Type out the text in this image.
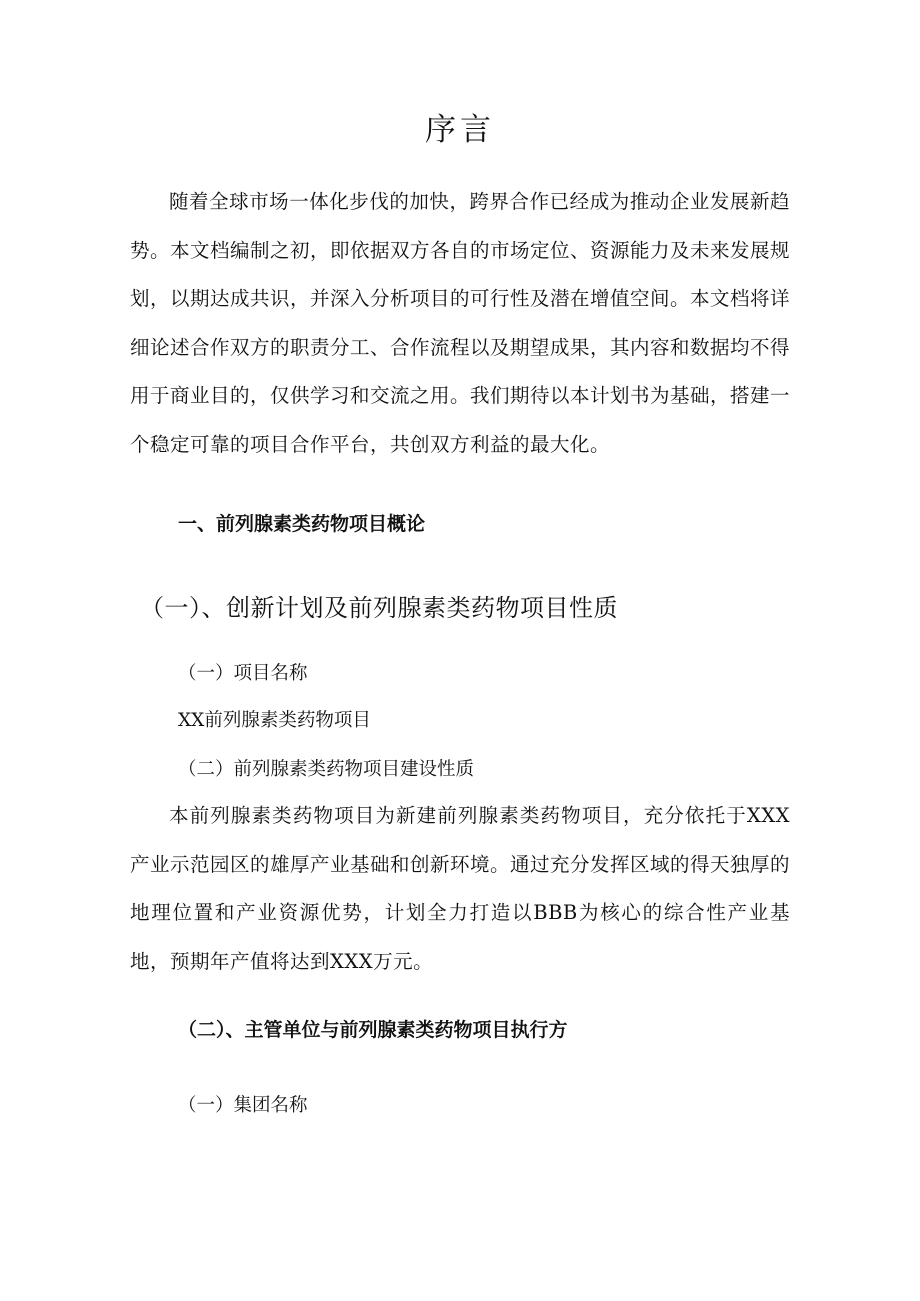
序言
随着全球市场一体化步伐的加快，跨界合作已经成为推动企业发展新趋势。本文档编制之初，即依据双方各自的市场定位、资源能力及未来发展规划，以期达成共识，并深入分析项目的可行性及潜在增值空间。本文档将详细论述合作双方的职责分工、合作流程以及期望成果，其内容和数据均不得用于商业目的，仅供学习和交流之用。我们期待以本计划书为基础，搭建一个稳定可靠的项目合作平台，共创双方利益的最大化。
一、前列腺素类药物项目概论
（一）、创新计划及前列腺素类药物项目性质
（一）项目名称
XX前列腺素类药物项目
（二）前列腺素类药物项目建设性质
本前列腺素类药物项目为新建前列腺素类药物项目，充分依托于XXX产业示范园区的雄厚产业基础和创新环境。通过充分发挥区域的得天独厚的地理位置和产业资源优势，计划全力打造以BBB为核心的综合性产业基地，预期年产值将达到XXX万元。
（二）、主管单位与前列腺素类药物项目执行方
（一）集团名称
